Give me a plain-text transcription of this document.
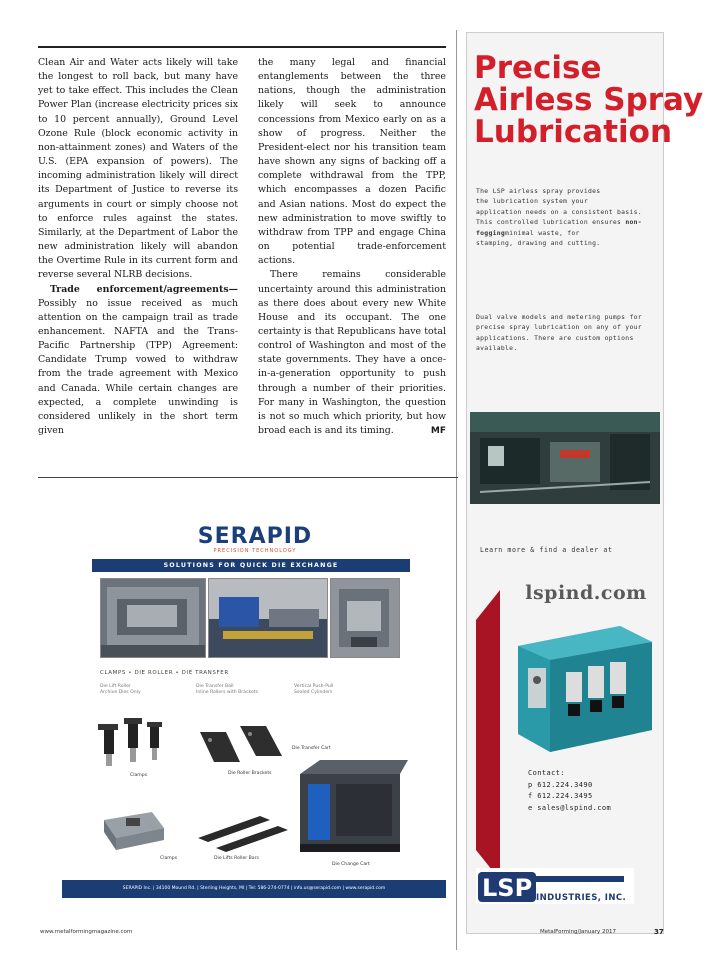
Clean Air and Water acts likely will take the longest to roll back, but many have yet to take effect. This includes the Clean Power Plan (increase electricity prices six to 10 percent annually), Ground Level Ozone Rule (block economic activity in non-attainment zones) and Waters of the U.S. (EPA expansion of powers). The incoming administration likely will direct its Department of Justice to reverse its arguments in court or simply choose not to enforce rules against the states. Similarly, at the Department of Labor the new administration likely will abandon the Overtime Rule in its current form and reverse several NLRB decisions.

Trade enforcement/agreements— Possibly no issue received as much attention on the campaign trail as trade enhancement. NAFTA and the Trans-Pacific Partnership (TPP) Agreement: Candidate Trump vowed to withdraw from the trade agreement with Mexico and Canada. While certain changes are expected, a complete unwinding is considered unlikely in the short term given

the many legal and financial entanglements between the three nations, though the administration likely will seek to announce concessions from Mexico early on as a show of progress. Neither the President-elect nor his transition team have shown any signs of backing off a complete withdrawal from the TPP, which encompasses a dozen Pacific and Asian nations. Most do expect the new administration to move swiftly to withdraw from TPP and engage China on potential trade-enforcement actions.

There remains considerable uncertainty around this administration as there does about every new White House and its occupant. The one certainty is that Republicans have total control of Washington and most of the state governments. They have a once-in-a-generation opportunity to push through a number of their priorities. For many in Washington, the question is not so much which priority, but how broad each is and its timing.	MF

SERAPID
PRECISION TECHNOLOGY
SOLUTIONS FOR QUICK DIE EXCHANGE
CLAMPS • DIE ROLLER • DIE TRANSFER
Die Lift Roller
Archive Dies Only
Die Transfer Ball
Inline Rollers with Brackets
Vertical Push-Pull
Sealed Cylinders
Clamps	Die Roller Brackets
Die Transfer Cart
Clamps	Die Lifts Roller Bars
Die Change Cart
SERAPID Inc. | 34100 Mound Rd. | Sterling Heights, MI | Tel: 586-274-0774 | info.us@serapid.com | www.serapid.com
Precise
Airless Spray
Lubrication
The LSP airless spray provides
the lubrication system your
application needs on a consistent basis.
This controlled lubrication ensures non-foggingminimal waste, for
stamping, drawing and cutting.
Dual valve models and metering pumps for precise spray lubrication on any of your applications. There are custom options available.
Learn more & find a dealer at
lspind.com
Contact:
p 612.224.3490
f 612.224.3495
e sales@lspind.com
LSP INDUSTRIES, INC.
www.metalformingmagazine.com	MetalForming/January 2017	37
